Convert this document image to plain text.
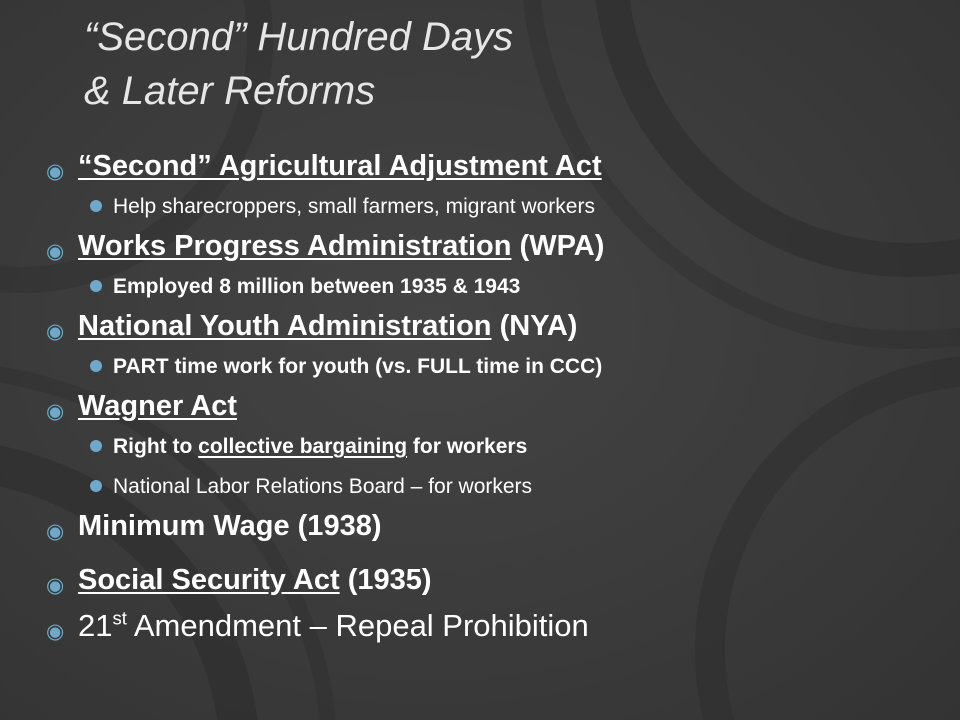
“Second” Hundred Days
& Later Reforms
◉ “Second” Agricultural Adjustment Act
Help sharecroppers, small farmers, migrant workers
◉ Works Progress Administration (WPA)
Employed 8 million between 1935 & 1943
◉ National Youth Administration (NYA)
PART time work for youth (vs. FULL time in CCC)
◉ Wagner Act
Right to collective bargaining for workers
National Labor Relations Board – for workers
◉ Minimum Wage (1938)
◉ Social Security Act (1935)
◉ 21st Amendment – Repeal Prohibition
